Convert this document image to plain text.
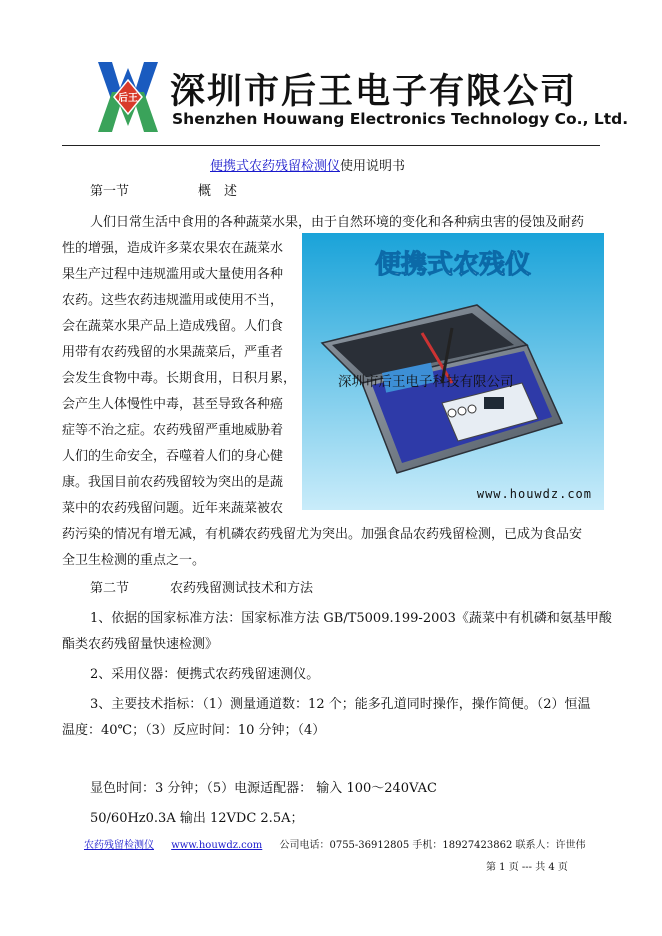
后王 深圳市后王电子有限公司
Shenzhen Houwang Electronics Technology Co., Ltd.
便携式农药残留检测仪使用说明书
第一节	概　述
人们日常生活中食用的各种蔬菜水果，由于自然环境的变化和各种病虫害的侵蚀及耐药
性的增强，造成许多菜农果农在蔬菜水
果生产过程中违规滥用或大量使用各种
农药。这些农药违规滥用或使用不当，
会在蔬菜水果产品上造成残留。人们食
用带有农药残留的水果蔬菜后，严重者
会发生食物中毒。长期食用，日积月累，
会产生人体慢性中毒，甚至导致各种癌
症等不治之症。农药残留严重地威胁着
人们的生命安全，吞噬着人们的身心健
康。我国目前农药残留较为突出的是蔬
菜中的农药残留问题。近年来蔬菜被农
药污染的情况有增无减，有机磷农药残留尤为突出。加强食品农药残留检测，已成为食品安
全卫生检测的重点之一。
便携式农残仪
深圳市后王电子科技有限公司
www.houwdz.com
第二节	农药残留测试技术和方法
1、依据的国家标准方法：国家标准方法 GB/T5009.199-2003《蔬菜中有机磷和氨基甲酸
酯类农药残留量快速检测》
2、采用仪器：便携式农药残留速测仪。
3、主要技术指标：（1）测量通道数：12 个；能多孔道同时操作，操作简便。（2）恒温
温度：40℃；（3）反应时间：10 分钟；（4）
显色时间：3 分钟；（5）电源适配器： 输入 100～240VAC
50/60Hz0.3A 输出 12VDC 2.5A；
农药残留检测仪 www.houwdz.com 公司电话：0755-36912805 手机：18927423862 联系人：许世伟
第 1 页 --- 共 4 页
